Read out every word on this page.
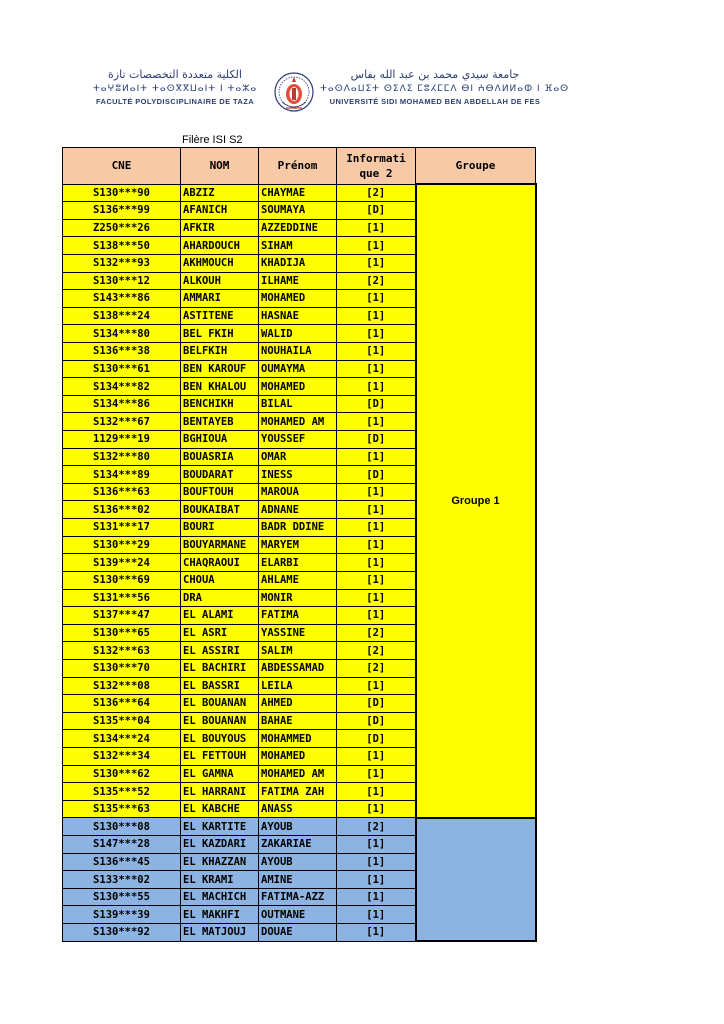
الكلية متعددة التخصصات تازة
ⵜⴰⵖⵓⵍⴰⵏⵜ ⵜⴰⵙⴳⴳⵡⴰⵏⵜ ⵏ ⵜⴰⵣⴰ
FACULTÉ POLYDISCIPLINAIRE DE TAZA
جامعة سيدي محمد بن عبد الله بفاس
ⵜⴰⵙⴷⴰⵡⵉⵜ ⵙⵉⴷⵉ ⵎⵓⵃⵎⵎⴷ ⴱⵏ ⵄⴱⴷⵍⵍⴰⵀ ⵏ ⴼⴰⵙ
UNIVERSITÉ SIDI MOHAMED BEN ABDELLAH DE FES
Filère ISI S2
CNE	NOM	Prénom	Informati
que 2	Groupe
S130***90	ABZIZ	CHAYMAE	[2]	Groupe 1
S136***99	AFANICH	SOUMAYA	[D]	
Z250***26	AFKIR	AZZEDDINE	[1]	
S138***50	AHARDOUCH	SIHAM	[1]	
S132***93	AKHMOUCH	KHADIJA	[1]	
S130***12	ALKOUH	ILHAME	[2]	
S143***86	AMMARI	MOHAMED	[1]	
S138***24	ASTITENE	HASNAE	[1]	
S134***80	BEL FKIH	WALID	[1]	
S136***38	BELFKIH	NOUHAILA	[1]	
S130***61	BEN KAROUF	OUMAYMA	[1]	
S134***82	BEN KHALOU	MOHAMED	[1]	
S134***86	BENCHIKH	BILAL	[D]	
S132***67	BENTAYEB	MOHAMED AM	[1]	
1129***19	BGHIOUA	YOUSSEF	[D]	
S132***80	BOUASRIA	OMAR	[1]	
S134***89	BOUDARAT	INESS	[D]	
S136***63	BOUFTOUH	MAROUA	[1]	
S136***02	BOUKAIBAT	ADNANE	[1]	
S131***17	BOURI	BADR DDINE	[1]	
S130***29	BOUYARMANE	MARYEM	[1]	
S139***24	CHAQRAOUI	ELARBI	[1]	
S130***69	CHOUA	AHLAME	[1]	
S131***56	DRA	MONIR	[1]	
S137***47	EL ALAMI	FATIMA	[1]	
S130***65	EL ASRI	YASSINE	[2]	
S132***63	EL ASSIRI	SALIM	[2]	
S130***70	EL BACHIRI	ABDESSAMAD	[2]	
S132***08	EL BASSRI	LEILA	[1]	
S136***64	EL BOUANAN	AHMED	[D]	
S135***04	EL BOUANAN	BAHAE	[D]	
S134***24	EL BOUYOUS	MOHAMMED	[D]	
S132***34	EL FETTOUH	MOHAMED	[1]	
S130***62	EL GAMNA	MOHAMED AM	[1]	
S135***52	EL HARRANI	FATIMA ZAH	[1]	
S135***63	EL KABCHE	ANASS	[1]	
S130***08	EL KARTITE	AYOUB	[2]	
S147***28	EL KAZDARI	ZAKARIAE	[1]	
S136***45	EL KHAZZAN	AYOUB	[1]	
S133***02	EL KRAMI	AMINE	[1]	
S130***55	EL MACHICH	FATIMA-AZZ	[1]	
S139***39	EL MAKHFI	OUTMANE	[1]	
S130***92	EL MATJOUJ	DOUAE	[1]	
